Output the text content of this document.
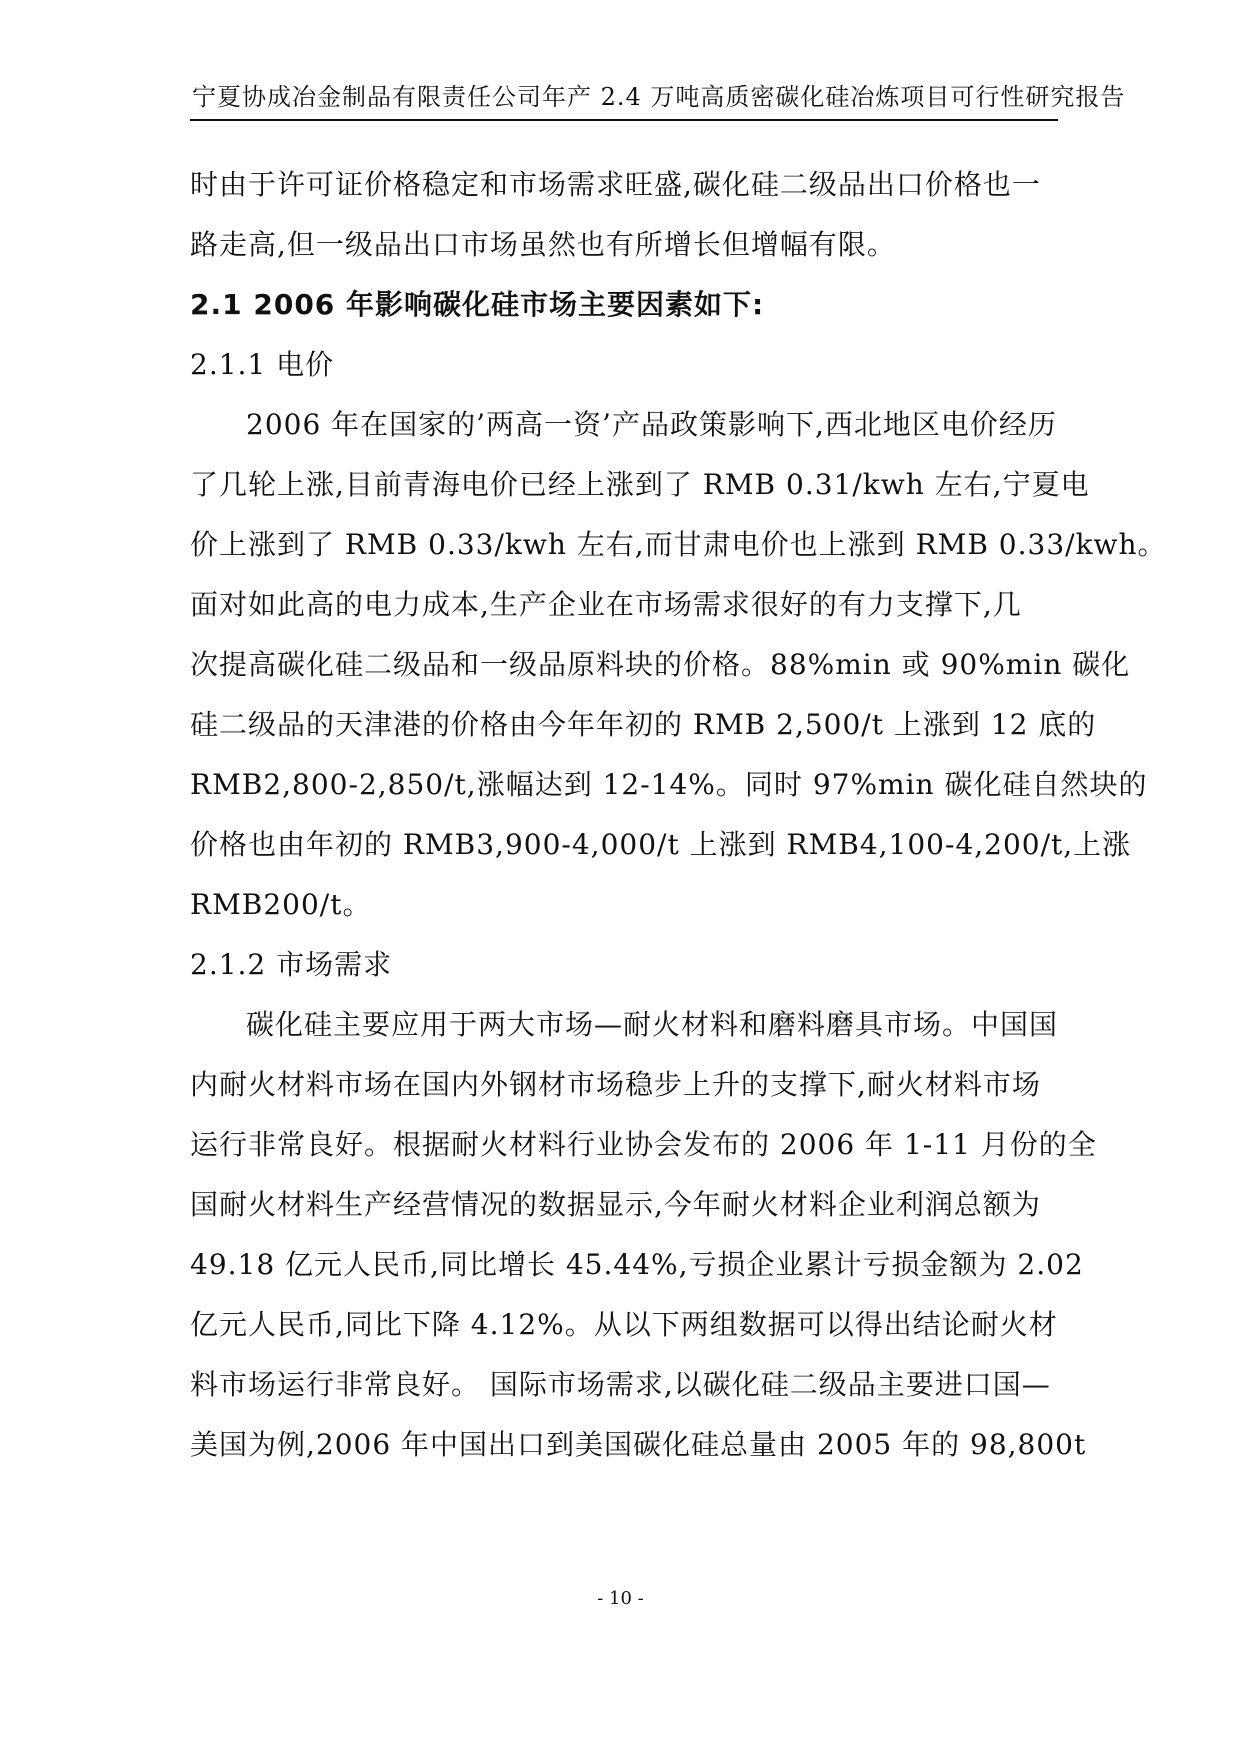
宁夏协成冶金制品有限责任公司年产 2.4 万吨高质密碳化硅冶炼项目可行性研究报告

时由于许可证价格稳定和市场需求旺盛,碳化硅二级品出口价格也一

路走高,但一级品出口市场虽然也有所增长但增幅有限。

2.1 2006 年影响碳化硅市场主要因素如下:

2.1.1 电价

2006 年在国家的’两高一资’产品政策影响下,西北地区电价经历

了几轮上涨,目前青海电价已经上涨到了 RMB 0.31/kwh 左右,宁夏电

价上涨到了 RMB 0.33/kwh 左右,而甘肃电价也上涨到 RMB 0.33/kwh。

面对如此高的电力成本,生产企业在市场需求很好的有力支撑下,几

次提高碳化硅二级品和一级品原料块的价格。88%min 或 90%min 碳化

硅二级品的天津港的价格由今年年初的 RMB 2,500/t 上涨到 12 底的

RMB2,800-2,850/t,涨幅达到 12-14%。同时 97%min 碳化硅自然块的

价格也由年初的 RMB3,900-4,000/t 上涨到 RMB4,100-4,200/t,上涨

RMB200/t。

2.1.2 市场需求

碳化硅主要应用于两大市场—耐火材料和磨料磨具市场。中国国

内耐火材料市场在国内外钢材市场稳步上升的支撑下,耐火材料市场

运行非常良好。根据耐火材料行业协会发布的 2006 年 1-11 月份的全

国耐火材料生产经营情况的数据显示,今年耐火材料企业利润总额为

49.18 亿元人民币,同比增长 45.44%,亏损企业累计亏损金额为 2.02

亿元人民币,同比下降 4.12%。从以下两组数据可以得出结论耐火材

料市场运行非常良好。 国际市场需求,以碳化硅二级品主要进口国—

美国为例,2006 年中国出口到美国碳化硅总量由 2005 年的 98,800t

- 10 -
